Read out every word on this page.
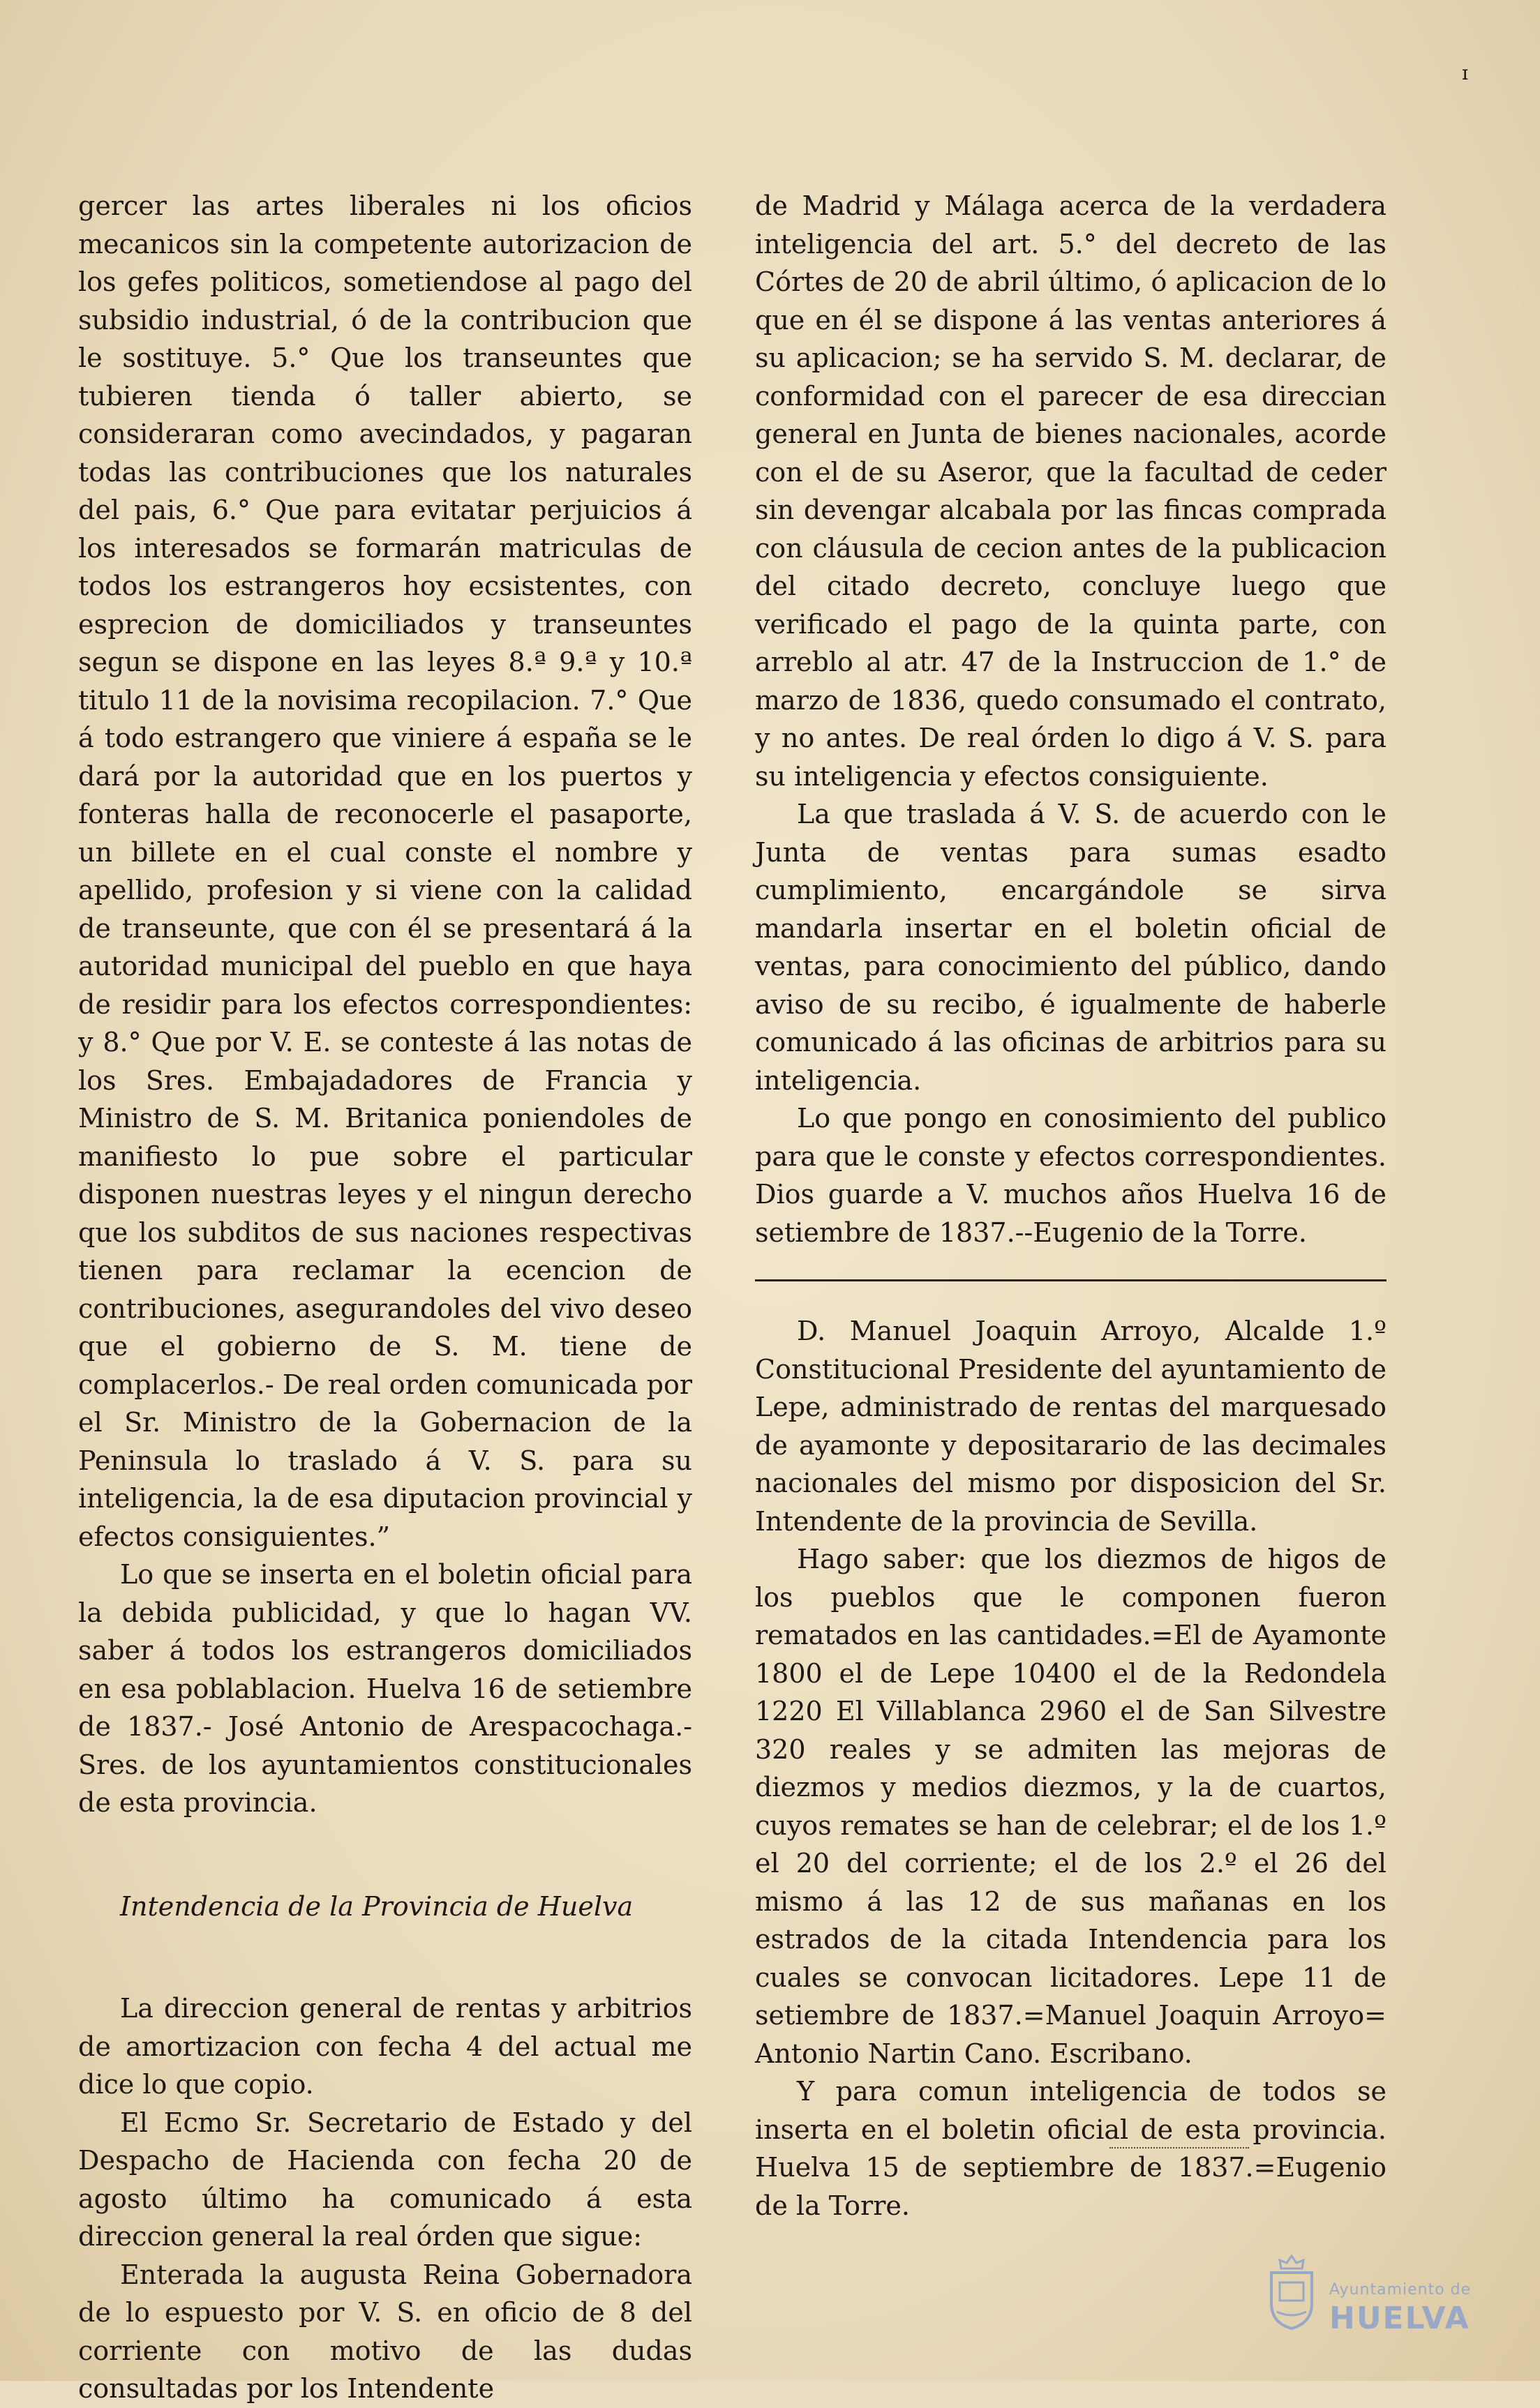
ɪ

gercer las artes liberales ni los oficios mecanicos sin la competente autorizacion de los gefes politicos, sometiendose al pago del subsidio industrial, ó de la contribucion que le sostituye. 5.° Que los transeuntes que tubieren tienda ó taller abierto, se consideraran como avecindados, y pagaran todas las contribuciones que los naturales del pais, 6.° Que para evitatar perjuicios á los interesados se formarán matriculas de todos los estrangeros hoy ecsistentes, con esprecion de domiciliados y transeuntes segun se dispone en las leyes 8.ª 9.ª y 10.ª titulo 11 de la novisima recopilacion. 7.° Que á todo estrangero que viniere á españa se le dará por la autoridad que en los puertos y fonteras halla de reconocerle el pasaporte, un billete en el cual conste el nombre y apellido, profesion y si viene con la calidad de transeunte, que con él se presentará á la autoridad municipal del pueblo en que haya de residir para los efectos correspondientes: y 8.° Que por V. E. se conteste á las notas de los Sres. Embajadadores de Francia y Ministro de S. M. Britanica poniendoles de manifiesto lo pue sobre el particular disponen nuestras leyes y el ningun derecho que los subditos de sus naciones respectivas tienen para reclamar la ecencion de contribuciones, asegurandoles del vivo deseo que el gobierno de S. M. tiene de complacerlos.- De real orden comunicada por el Sr. Ministro de la Gobernacion de la Peninsula lo traslado á V. S. para su inteligencia, la de esa diputacion provincial y efectos consiguientes.”

Lo que se inserta en el boletin oficial para la debida publicidad, y que lo hagan VV. saber á todos los estrangeros domiciliados en esa poblablacion. Huelva 16 de setiembre de 1837.- José Antonio de Arespacochaga.- Sres. de los ayuntamientos constitucionales de esta provincia.

Intendencia de la Provincia de Huelva

La direccion general de rentas y arbitrios de amortizacion con fecha 4 del actual me dice lo que copio.

El Ecmo Sr. Secretario de Estado y del Despacho de Hacienda con fecha 20 de agosto último ha comunicado á esta direccion general la real órden que sigue:

Enterada la augusta Reina Gobernadora de lo espuesto por V. S. en oficio de 8 del corriente con motivo de las dudas consultadas por los Intendente

de Madrid y Málaga acerca de la verdadera inteligencia del art. 5.° del decreto de las Córtes de 20 de abril último, ó aplicacion de lo que en él se dispone á las ventas anteriores á su aplicacion; se ha servido S. M. declarar, de conformidad con el parecer de esa direccian general en Junta de bienes nacionales, acorde con el de su Aseror, que la facultad de ceder sin devengar alcabala por las fincas comprada con cláusula de cecion antes de la publicacion del citado decreto, concluye luego que verificado el pago de la quinta parte, con arreblo al atr. 47 de la Instruccion de 1.° de marzo de 1836, quedo consumado el contrato, y no antes. De real órden lo digo á V. S. para su inteligencia y efectos consiguiente.

La que traslada á V. S. de acuerdo con le Junta de ventas para sumas esadto cumplimiento, encargándole se sirva mandarla insertar en el boletin oficial de ventas, para conocimiento del público, dando aviso de su recibo, é igualmente de haberle comunicado á las oficinas de arbitrios para su inteligencia.

Lo que pongo en conosimiento del publico para que le conste y efectos correspondientes. Dios guarde a V. muchos años Huelva 16 de setiembre de 1837.--Eugenio de la Torre.

D. Manuel Joaquin Arroyo, Alcalde 1.º Constitucional Presidente del ayuntamiento de Lepe, administrado de rentas del marquesado de ayamonte y depositarario de las decimales nacionales del mismo por disposicion del Sr. Intendente de la provincia de Sevilla.

Hago saber: que los diezmos de higos de los pueblos que le componen fueron rematados en las cantidades.=El de Ayamonte 1800 el de Lepe 10400 el de la Redondela 1220 El Villablanca 2960 el de San Silvestre 320 reales y se admiten las mejoras de diezmos y medios diezmos, y la de cuartos, cuyos remates se han de celebrar; el de los 1.º el 20 del corriente; el de los 2.º el 26 del mismo á las 12 de sus mañanas en los estrados de la citada Intendencia para los cuales se convocan licitadores. Lepe 11 de setiembre de 1837.=Manuel Joaquin Arroyo= Antonio Nartin Cano. Escribano.

Y para comun inteligencia de todos se inserta en el boletin oficial de esta provincia. Huelva 15 de septiembre de 1837.=Eugenio de la Torre.

Ayuntamiento de
HUELVA
